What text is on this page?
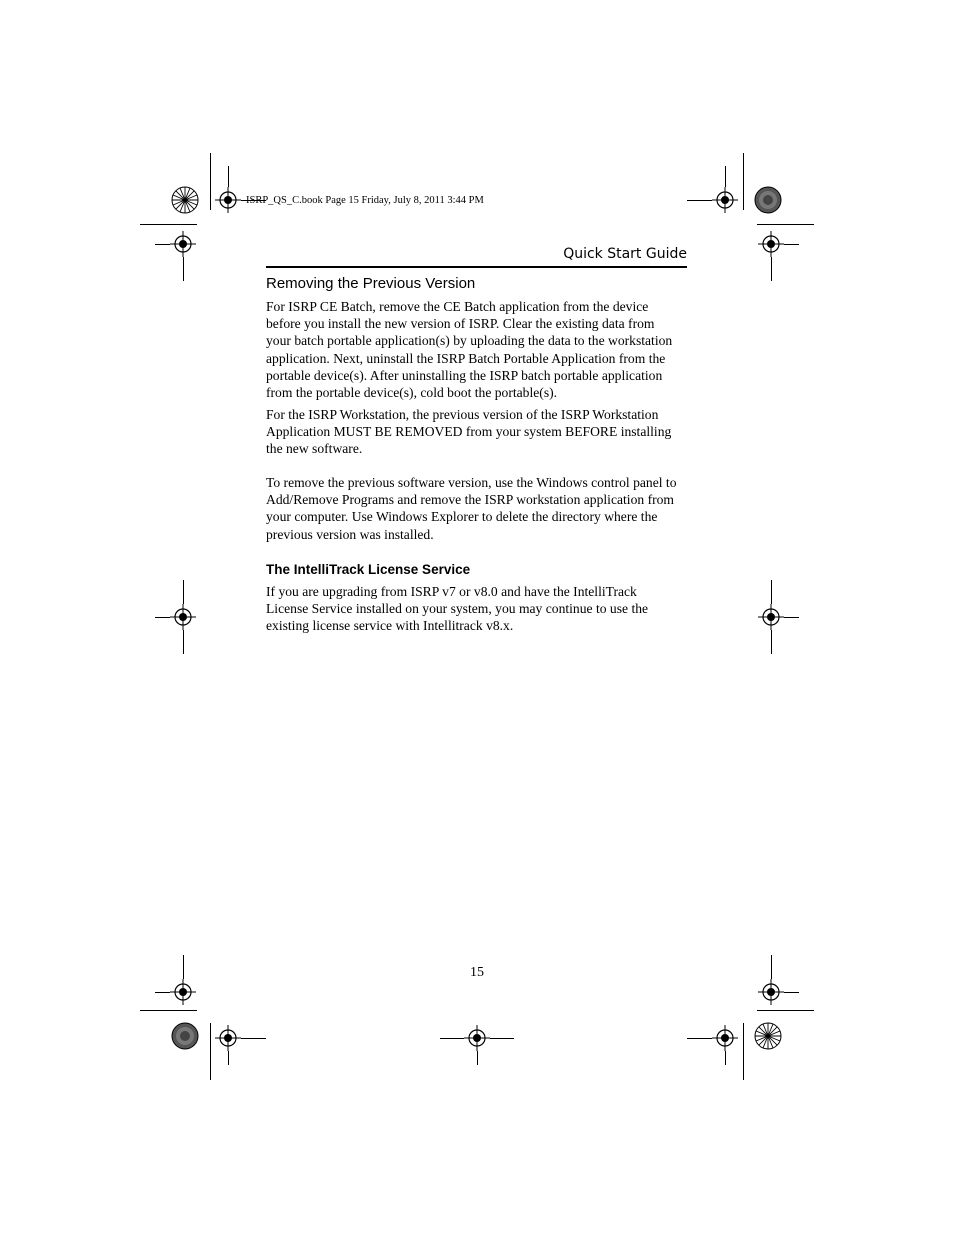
ISRP_QS_C.book Page 15 Friday, July 8, 2011 3:44 PM
Quick Start Guide
Removing the Previous Version

For ISRP CE Batch, remove the CE Batch application from the device
before you install the new version of ISRP. Clear the existing data from
your batch portable application(s) by uploading the data to the workstation
application. Next, uninstall the ISRP Batch Portable Application from the
portable device(s). After uninstalling the ISRP batch portable application
from the portable device(s), cold boot the portable(s).

For the ISRP Workstation, the previous version of the ISRP Workstation
Application MUST BE REMOVED from your system BEFORE installing
the new software.

To remove the previous software version, use the Windows control panel to
Add/Remove Programs and remove the ISRP workstation application from
your computer. Use Windows Explorer to delete the directory where the
previous version was installed.

The IntelliTrack License Service

If you are upgrading from ISRP v7 or v8.0 and have the IntelliTrack
License Service installed on your system, you may continue to use the
existing license service with Intellitrack v8.x.

15
